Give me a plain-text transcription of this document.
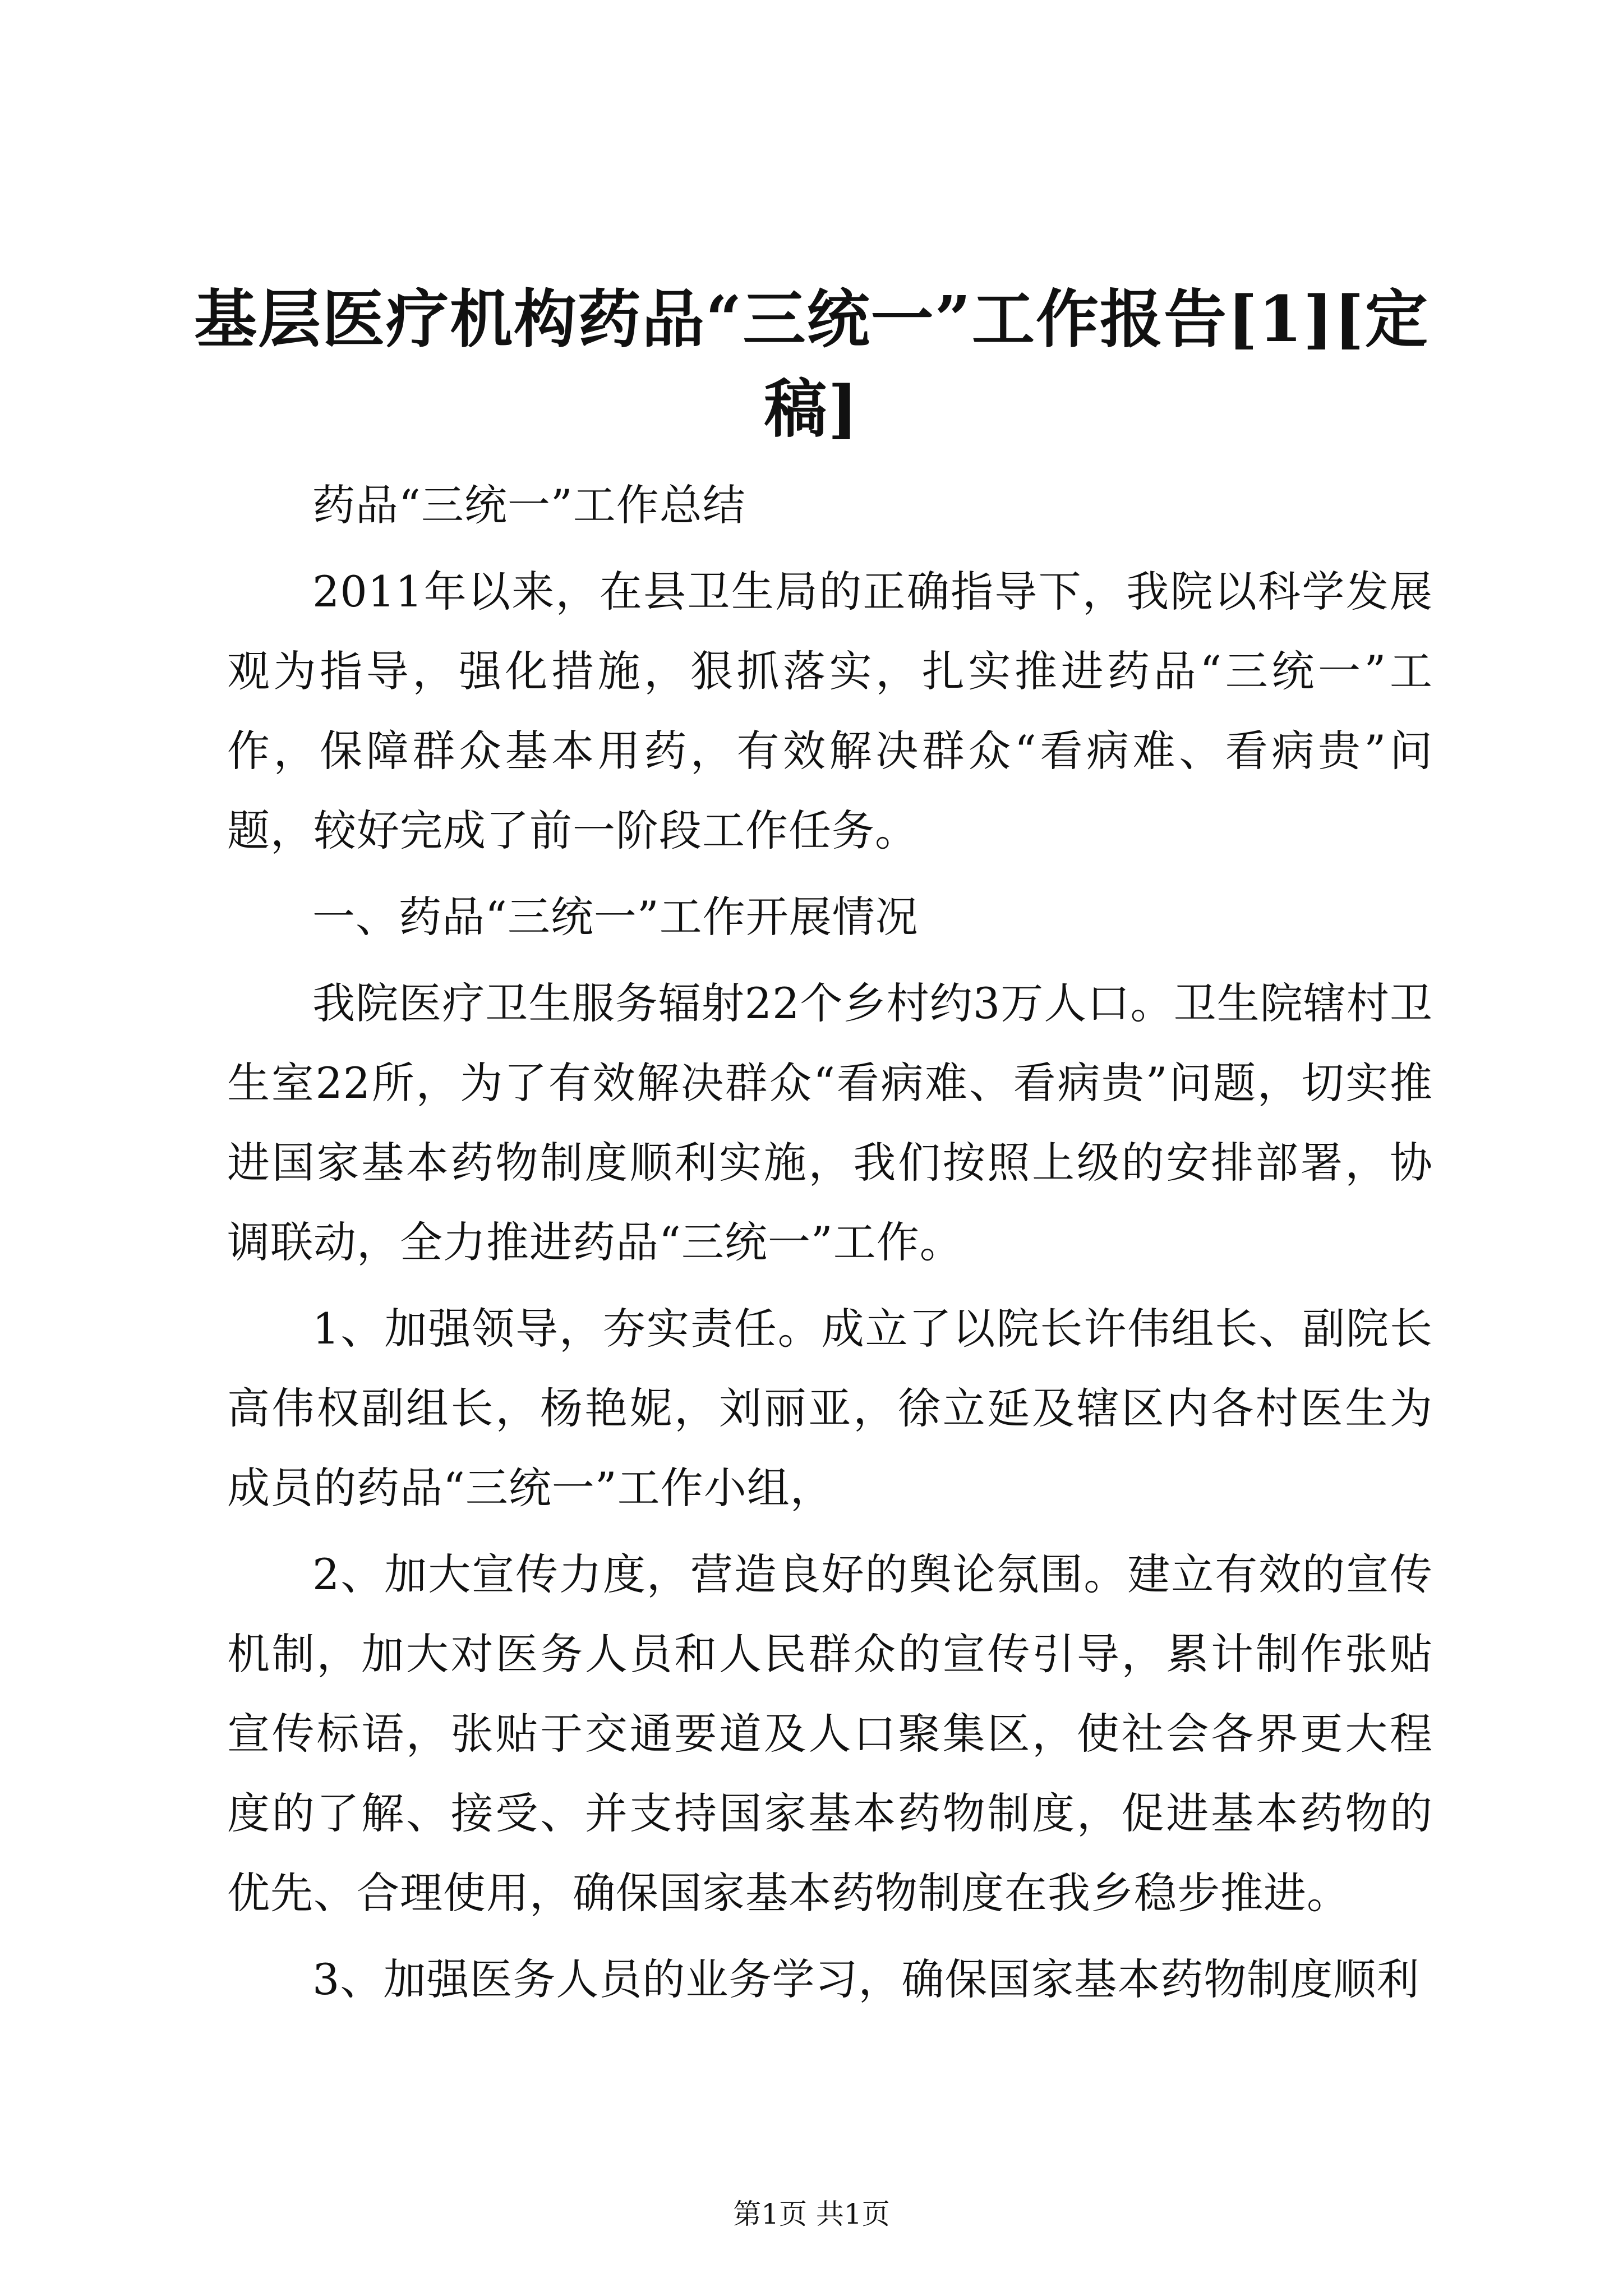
基层医疗机构药品“三统一”工作报告[1][定稿]

药品“三统一”工作总结

2011年以来，在县卫生局的正确指导下，我院以科学发展观为指导，强化措施，狠抓落实，扎实推进药品“三统一”工作，保障群众基本用药，有效解决群众“看病难、看病贵”问题，较好完成了前一阶段工作任务。

一、药品“三统一”工作开展情况

我院医疗卫生服务辐射22个乡村约3万人口。卫生院辖村卫生室22所，为了有效解决群众“看病难、看病贵”问题，切实推进国家基本药物制度顺利实施，我们按照上级的安排部署，协调联动，全力推进药品“三统一”工作。

1、加强领导，夯实责任。成立了以院长许伟组长、副院长高伟权副组长，杨艳妮，刘丽亚，徐立延及辖区内各村医生为成员的药品“三统一”工作小组，

2、加大宣传力度，营造良好的舆论氛围。建立有效的宣传机制，加大对医务人员和人民群众的宣传引导，累计制作张贴宣传标语，张贴于交通要道及人口聚集区，使社会各界更大程度的了解、接受、并支持国家基本药物制度，促进基本药物的优先、合理使用，确保国家基本药物制度在我乡稳步推进。

3、加强医务人员的业务学习，确保国家基本药物制度顺利

第1页 共1页
